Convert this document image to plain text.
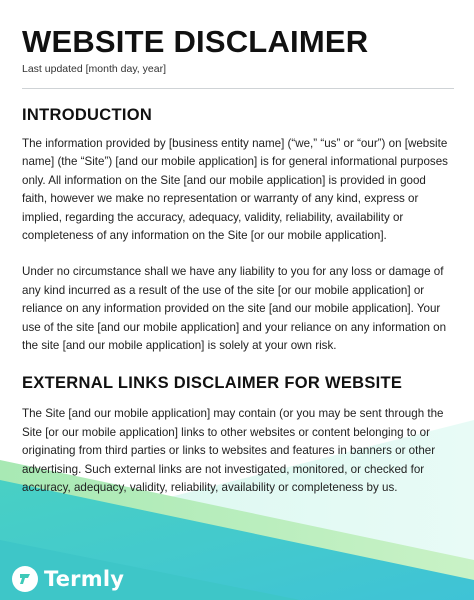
WEBSITE DISCLAIMER
Last updated [month day, year]
INTRODUCTION

The information provided by [business entity name] (“we,” “us” or “our”) on [website name] (the “Site”) [and our mobile application] is for general informational purposes only. All information on the Site [and our mobile application] is provided in good faith, however we make no representation or warranty of any kind, express or implied, regarding the accuracy, adequacy, validity, reliability, availability or completeness of any information on the Site [or our mobile application].

Under no circumstance shall we have any liability to you for any loss or damage of any kind incurred as a result of the use of the site [or our mobile application] or reliance on any information provided on the site [and our mobile application]. Your use of the site [and our mobile application] and your reliance on any information on the site [and our mobile application] is solely at your own risk.

EXTERNAL LINKS DISCLAIMER FOR WEBSITE

The Site [and our mobile application] may contain (or you may be sent through the Site [or our mobile application] links to other websites or content belonging to or originating from third parties or links to websites and features in banners or other advertising. Such external links are not investigated, monitored, or checked for accuracy, adequacy, validity, reliability, availability or completeness by us.

Termly
